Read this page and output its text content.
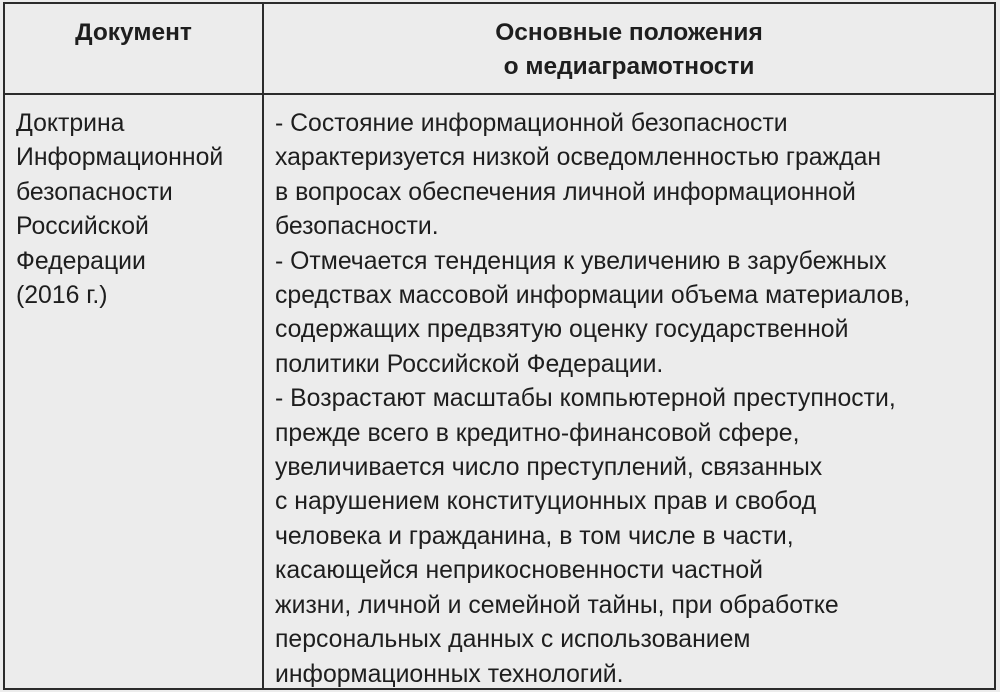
Документ	Основные положения
о медиаграмотности
Доктрина
Информационной
безопасности
Российской
Федерации
(2016 г.)
- Состояние информационной безопасности
характеризуется низкой осведомленностью граждан
в вопросах обеспечения личной информационной
безопасности.
- Отмечается тенденция к увеличению в зарубежных
средствах массовой информации объема материалов,
содержащих предвзятую оценку государственной
политики Российской Федерации.
- Возрастают масштабы компьютерной преступности,
прежде всего в кредитно-финансовой сфере,
увеличивается число преступлений, связанных
с нарушением конституционных прав и свобод
человека и гражданина, в том числе в части,
касающейся неприкосновенности частной
жизни, личной и семейной тайны, при обработке
персональных данных с использованием
информационных технологий.
